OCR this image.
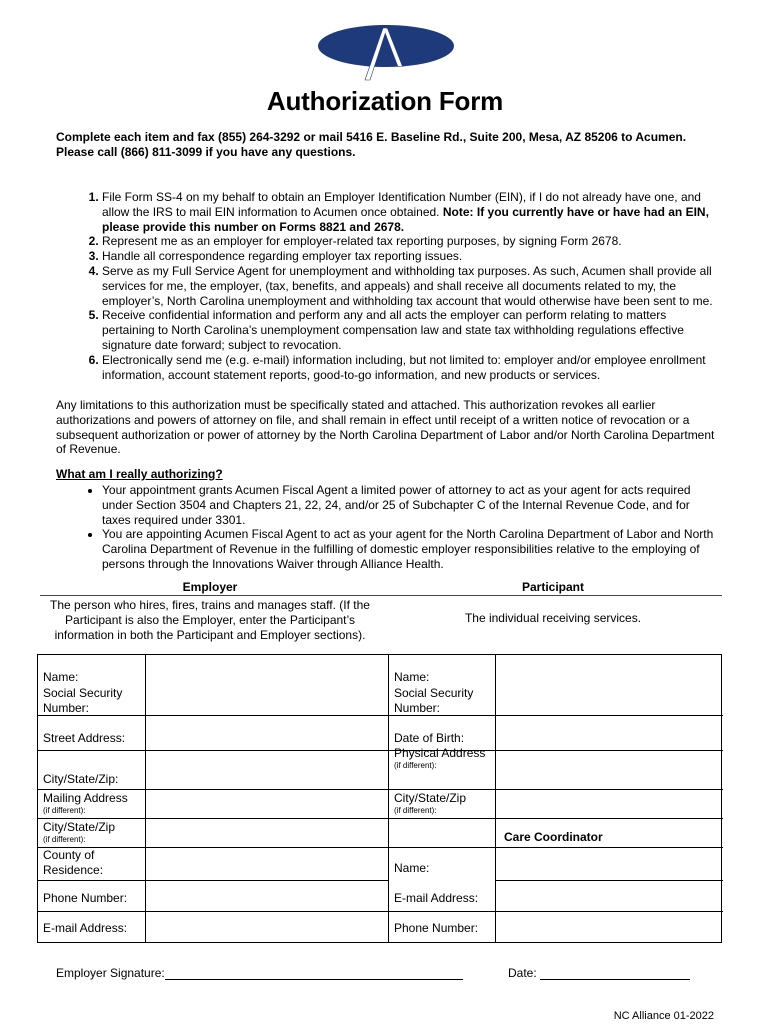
Authorization Form
Complete each item and fax (855) 264-3292 or mail 5416 E. Baseline Rd., Suite 200, Mesa, AZ 85206 to Acumen. Please call (866) 811-3099 if you have any questions.
1. File Form SS-4 on my behalf to obtain an Employer Identification Number (EIN), if I do not already have one, and allow the IRS to mail EIN information to Acumen once obtained. Note: If you currently have or have had an EIN, please provide this number on Forms 8821 and 2678.
2. Represent me as an employer for employer-related tax reporting purposes, by signing Form 2678.
3. Handle all correspondence regarding employer tax reporting issues.
4. Serve as my Full Service Agent for unemployment and withholding tax purposes. As such, Acumen shall provide all services for me, the employer, (tax, benefits, and appeals) and shall receive all documents related to my, the employer’s, North Carolina unemployment and withholding tax account that would otherwise have been sent to me.
5. Receive confidential information and perform any and all acts the employer can perform relating to matters pertaining to North Carolina’s unemployment compensation law and state tax withholding regulations effective signature date forward; subject to revocation.
6. Electronically send me (e.g. e-mail) information including, but not limited to: employer and/or employee enrollment information, account statement reports, good-to-go information, and new products or services.
Any limitations to this authorization must be specifically stated and attached. This authorization revokes all earlier authorizations and powers of attorney on file, and shall remain in effect until receipt of a written notice of revocation or a subsequent authorization or power of attorney by the North Carolina Department of Labor and/or North Carolina Department of Revenue.
What am I really authorizing?
• Your appointment grants Acumen Fiscal Agent a limited power of attorney to act as your agent for acts required under Section 3504 and Chapters 21, 22, 24, and/or 25 of Subchapter C of the Internal Revenue Code, and for taxes required under 3301.
• You are appointing Acumen Fiscal Agent to act as your agent for the North Carolina Department of Labor and North Carolina Department of Revenue in the fulfilling of domestic employer responsibilities relative to the employing of persons through the Innovations Waiver through Alliance Health.
Employer	Participant
The person who hires, fires, trains and manages staff. (If the Participant is also the Employer, enter the Participant’s information in both the Participant and Employer sections).
The individual receiving services.
Name:
Social Security Number:
Street Address:
City/State/Zip:
Mailing Address
(if different):
City/State/Zip
(if different):
County of Residence:
Phone Number:
E-mail Address:
Name:
Social Security Number:
Date of Birth:
Physical Address
(if different):
City/State/Zip
(if different):
Care Coordinator
Name:
E-mail Address:
Phone Number:
Employer Signature:	Date:
NC Alliance 01-2022
